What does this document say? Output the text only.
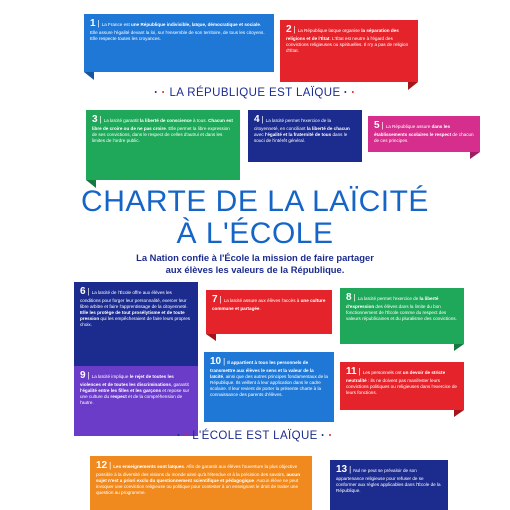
1 | La France est une République indivisible, laïque, démocratique et sociale. Elle assure l'égalité devant la loi, sur l'ensemble de son territoire, de tous les citoyens. Elle respecte toutes les croyances.
2 | La République laïque organise la séparation des religions et de l'État. L'État est neutre à l'égard des convictions religieuses ou spirituelles. Il n'y a pas de religion d'État.
• • LA RÉPUBLIQUE EST LAÏQUE • •
3 | La laïcité garantit la liberté de conscience à tous. Chacun est libre de croire ou de ne pas croire. Elle permet la libre expression de ses convictions, dans le respect de celles d'autrui et dans les limites de l'ordre public.
4 | La laïcité permet l'exercice de la citoyenneté, en conciliant la liberté de chacun avec l'égalité et la fraternité de tous dans le souci de l'intérêt général.
5 | La République assure dans les établissements scolaires le respect de chacun de ces principes.
CHARTE DE LA LAÏCITÉ
À L'ÉCOLE
La Nation confie à l'École la mission de faire partager
aux élèves les valeurs de la République.
6 | La laïcité de l'École offre aux élèves les conditions pour forger leur personnalité, exercer leur libre arbitre et faire l'apprentissage de la citoyenneté. Elle les protège de tout prosélytisme et de toute pression qui les empêcheraient de faire leurs propres choix.
7 | La laïcité assure aux élèves l'accès à une culture commune et partagée.
8 | La laïcité permet l'exercice de la liberté d'expression des élèves dans la limite du bon fonctionnement de l'École comme du respect des valeurs républicaines et du pluralisme des convictions.
9 | La laïcité implique le rejet de toutes les violences et de toutes les discriminations, garantit l'égalité entre les filles et les garçons et repose sur une culture du respect et de la compréhension de l'autre.
10 | Il appartient à tous les personnels de transmettre aux élèves le sens et la valeur de la laïcité, ainsi que des autres principes fondamentaux de la République. Ils veillent à leur application dans le cadre scolaire. Il leur revient de porter la présente charte à la connaissance des parents d'élèves.
11 | Les personnels ont un devoir de stricte neutralité : ils ne doivent pas manifester leurs convictions politiques ou religieuses dans l'exercice de leurs fonctions.
• • L'ÉCOLE EST LAÏQUE • •
12 | Les enseignements sont laïques. Afin de garantir aux élèves l'ouverture la plus objective possible à la diversité des visions du monde ainsi qu'à l'étendue et à la précision des savoirs, aucun sujet n'est a priori exclu du questionnement scientifique et pédagogique. Aucun élève ne peut invoquer une conviction religieuse ou politique pour contester à un enseignant le droit de traiter une question au programme.
13 | Nul ne peut se prévaloir de son appartenance religieuse pour refuser de se conformer aux règles applicables dans l'École de la République.
